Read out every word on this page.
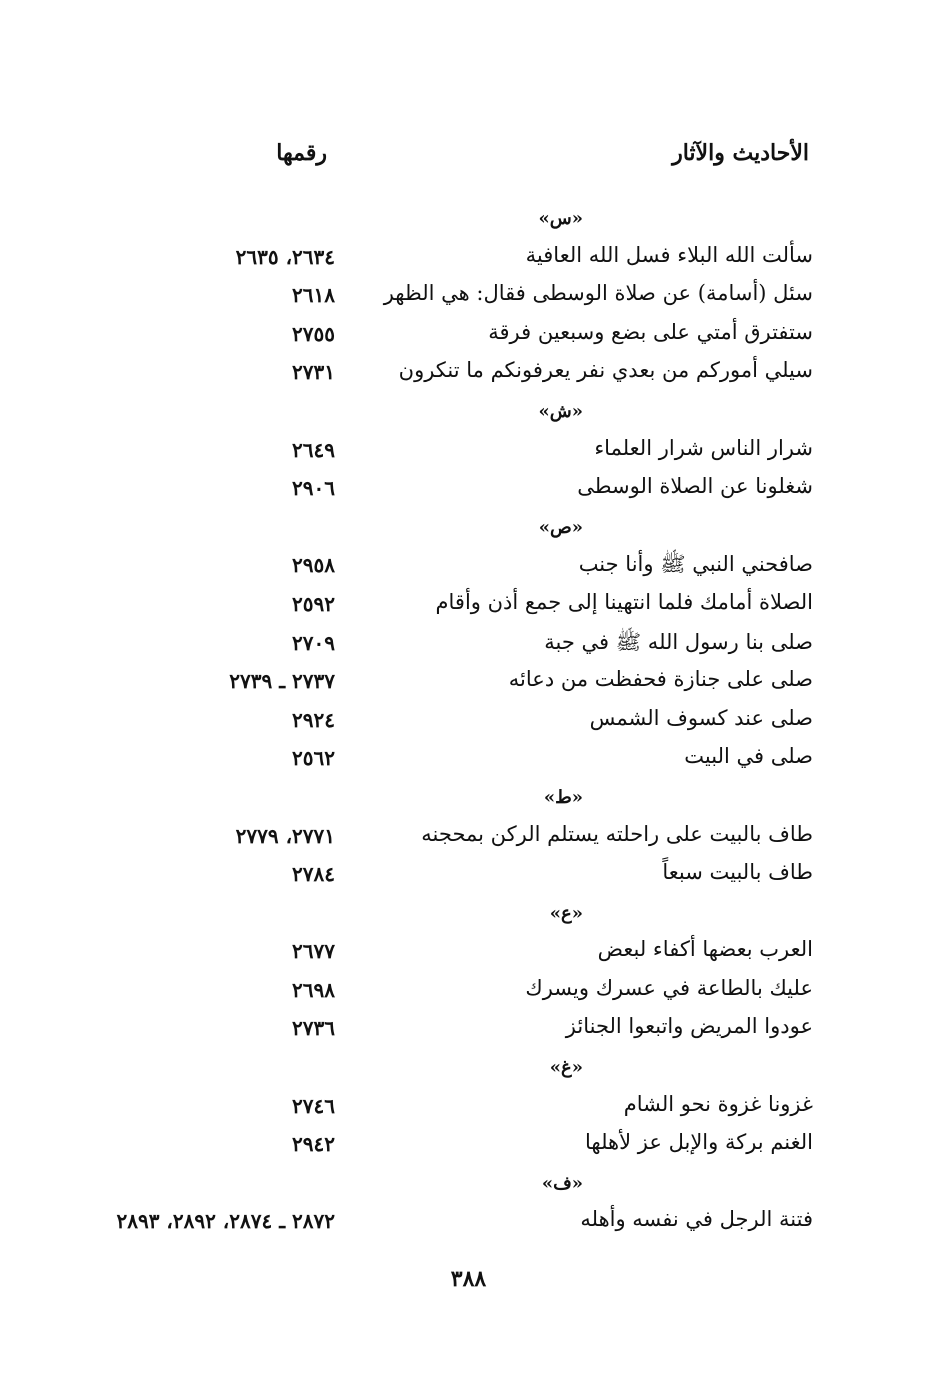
الأحاديث والآثار
رقمها
«س»
سألت الله البلاء فسل الله العافية
٢٦٣٤، ٢٦٣٥
سئل (أسامة) عن صلاة الوسطى فقال: هي الظهر
٢٦١٨
ستفترق أمتي على بضع وسبعين فرقة
٢٧٥٥
سيلي أموركم من بعدي نفر يعرفونكم ما تنكرون
٢٧٣١
«ش»
شرار الناس شرار العلماء
٢٦٤٩
شغلونا عن الصلاة الوسطى
٢٩٠٦
«ص»
صافحني النبي ﷺ وأنا جنب
٢٩٥٨
الصلاة أمامك فلما انتهينا إلى جمع أذن وأقام
٢٥٩٢
صلى بنا رسول الله ﷺ في جبة
٢٧٠٩
صلى على جنازة فحفظت من دعائه
٢٧٣٧ ـ ٢٧٣٩
صلى عند كسوف الشمس
٢٩٢٤
صلى في البيت
٢٥٦٢
«ط»
طاف بالبيت على راحلته يستلم الركن بمحجنه
٢٧٧١، ٢٧٧٩
طاف بالبيت سبعاً
٢٧٨٤
«ع»
العرب بعضها أكفاء لبعض
٢٦٧٧
عليك بالطاعة في عسرك ويسرك
٢٦٩٨
عودوا المريض واتبعوا الجنائز
٢٧٣٦
«غ»
غزونا غزوة نحو الشام
٢٧٤٦
الغنم بركة والإبل عز لأهلها
٢٩٤٢
«ف»
فتنة الرجل في نفسه وأهله
٢٨٧٢ ـ ٢٨٧٤، ٢٨٩٢، ٢٨٩٣
٣٨٨
